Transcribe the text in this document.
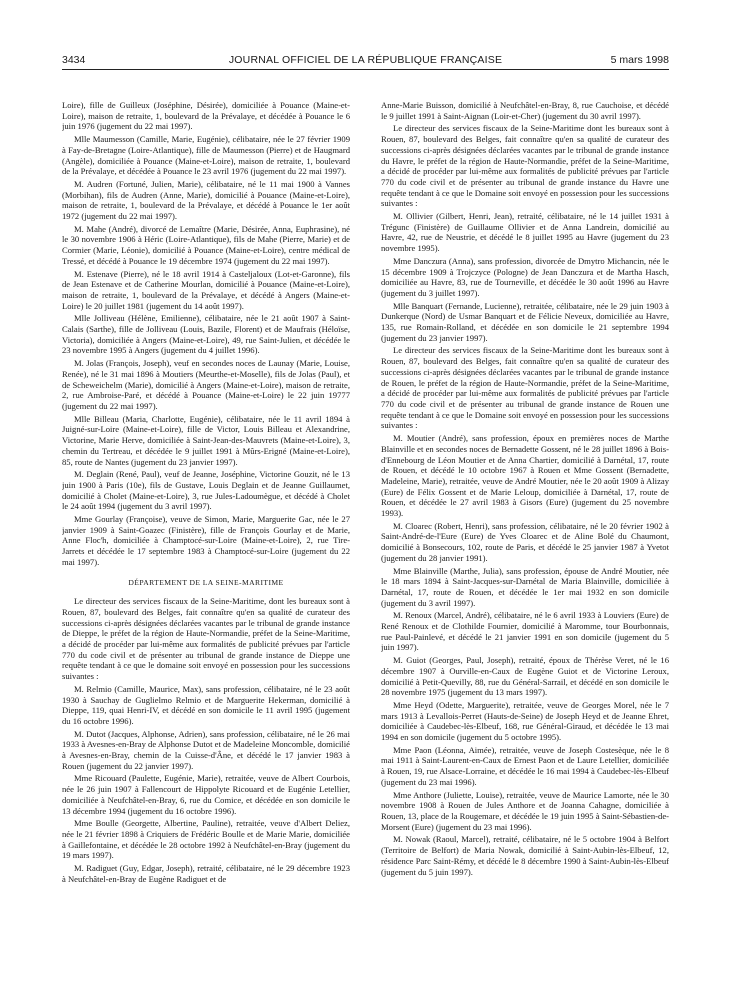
3434	JOURNAL OFFICIEL DE LA RÉPUBLIQUE FRANÇAISE	5 mars 1998

Loire), fille de Guilleux (Joséphine, Désirée), domiciliée à Pouance (Maine-et-Loire), maison de retraite, 1, boulevard de la Prévalaye, et décédée à Pouance le 6 juin 1976 (jugement du 22 mai 1997).

Mlle Maumesson (Camille, Marie, Eugénie), célibataire, née le 27 février 1909 à Fay-de-Bretagne (Loire-Atlantique), fille de Maumesson (Pierre) et de Haugmard (Angèle), domiciliée à Pouance (Maine-et-Loire), maison de retraite, 1, boulevard de la Prévalaye, et décédée à Pouance le 23 avril 1976 (jugement du 22 mai 1997).

M. Audren (Fortuné, Julien, Marie), célibataire, né le 11 mai 1900 à Vannes (Morbihan), fils de Audren (Anne, Marie), domicilié à Pouance (Maine-et-Loire), maison de retraite, 1, boulevard de la Prévalaye, et décédé à Pouance le 1er août 1972 (jugement du 22 mai 1997).

M. Mahe (André), divorcé de Lemaître (Marie, Désirée, Anna, Euphrasine), né le 30 novembre 1906 à Héric (Loire-Atlantique), fils de Mahe (Pierre, Marie) et de Cormier (Marie, Léonie), domicilié à Pouance (Maine-et-Loire), centre médical de Tressé, et décédé à Pouance le 19 décembre 1974 (jugement du 22 mai 1997).

M. Estenave (Pierre), né le 18 avril 1914 à Casteljaloux (Lot-et-Garonne), fils de Jean Estenave et de Catherine Mourlan, domicilié à Pouance (Maine-et-Loire), maison de retraite, 1, boulevard de la Prévalaye, et décédé à Angers (Maine-et-Loire) le 20 juillet 1981 (jugement du 14 août 1997).

Mlle Jolliveau (Hélène, Emilienne), célibataire, née le 21 août 1907 à Saint-Calais (Sarthe), fille de Jolliveau (Louis, Bazile, Florent) et de Maufrais (Héloïse, Victoria), domiciliée à Angers (Maine-et-Loire), 49, rue Saint-Julien, et décédée le 23 novembre 1995 à Angers (jugement du 4 juillet 1996).

M. Jolas (François, Joseph), veuf en secondes noces de Launay (Marie, Louise, Renée), né le 31 mai 1896 à Moutiers (Meurthe-et-Moselle), fils de Jolas (Paul), et de Scheweichelm (Marie), domicilié à Angers (Maine-et-Loire), maison de retraite, 2, rue Ambroise-Paré, et décédé à Pouance (Maine-et-Loire) le 22 juin 19777 (jugement du 22 mai 1997).

Mlle Billeau (Maria, Charlotte, Eugénie), célibataire, née le 11 avril 1894 à Juigné-sur-Loire (Maine-et-Loire), fille de Victor, Louis Billeau et Alexandrine, Victorine, Marie Herve, domiciliée à Saint-Jean-des-Mauvrets (Maine-et-Loire), 3, chemin du Tertreau, et décédée le 9 juillet 1991 à Mûrs-Erigné (Maine-et-Loire), 85, route de Nantes (jugement du 23 janvier 1997).

M. Deglain (René, Paul), veuf de Jeanne, Joséphine, Victorine Gouzit, né le 13 juin 1900 à Paris (10e), fils de Gustave, Louis Deglain et de Jeanne Guillaumet, domicilié à Cholet (Maine-et-Loire), 3, rue Jules-Ladoumègue, et décédé à Cholet le 24 août 1994 (jugement du 3 avril 1997).

Mme Gourlay (Françoise), veuve de Simon, Marie, Marguerite Gac, née le 27 janvier 1909 à Saint-Goazec (Finistère), fille de François Gourlay et de Marie, Anne Floc'h, domiciliée à Champtocé-sur-Loire (Maine-et-Loire), 2, rue Tire-Jarrets et décédée le 17 septembre 1983 à Champtocé-sur-Loire (jugement du 22 mai 1997).

DÉPARTEMENT DE LA SEINE-MARITIME

Le directeur des services fiscaux de la Seine-Maritime, dont les bureaux sont à Rouen, 87, boulevard des Belges, fait connaître qu'en sa qualité de curateur des successions ci-après désignées déclarées vacantes par le tribunal de grande instance de Dieppe, le préfet de la région de Haute-Normandie, préfet de la Seine-Maritime, a décidé de procéder par lui-même aux formalités de publicité prévues par l'article 770 du code civil et de présenter au tribunal de grande instance de Dieppe une requête tendant à ce que le domaine soit envoyé en possession pour les successions suivantes :

M. Relmio (Camille, Maurice, Max), sans profession, célibataire, né le 23 août 1930 à Sauchay de Guglielmo Relmio et de Marguerite Hekerman, domicilié à Dieppe, 119, quai Henri-IV, et décédé en son domicile le 11 avril 1995 (jugement du 16 octobre 1996).

M. Dutot (Jacques, Alphonse, Adrien), sans profession, célibataire, né le 26 mai 1933 à Avesnes-en-Bray de Alphonse Dutot et de Madeleine Moncomble, domicilié à Avesnes-en-Bray, chemin de la Cuisse-d'Âne, et décédé le 17 janvier 1983 à Rouen (jugement du 22 janvier 1997).

Mme Ricouard (Paulette, Eugénie, Marie), retraitée, veuve de Albert Courbois, née le 26 juin 1907 à Fallencourt de Hippolyte Ricouard et de Eugénie Letellier, domiciliée à Neufchâtel-en-Bray, 6, rue du Comice, et décédée en son domicile le 13 décembre 1994 (jugement du 16 octobre 1996).

Mme Boulle (Georgette, Albertine, Pauline), retraitée, veuve d'Albert Deliez, née le 21 février 1898 à Criquiers de Frédéric Boulle et de Marie Marie, domiciliée à Gaillefontaine, et décédée le 28 octobre 1992 à Neufchâtel-en-Bray (jugement du 19 mars 1997).

M. Radiguet (Guy, Edgar, Joseph), retraité, célibataire, né le 29 décembre 1923 à Neufchâtel-en-Bray de Eugène Radiguet et de

Anne-Marie Buisson, domicilié à Neufchâtel-en-Bray, 8, rue Cauchoise, et décédé le 9 juillet 1991 à Saint-Aignan (Loir-et-Cher) (jugement du 30 avril 1997).

Le directeur des services fiscaux de la Seine-Maritime dont les bureaux sont à Rouen, 87, boulevard des Belges, fait connaître qu'en sa qualité de curateur des successions ci-après désignées déclarées vacantes par le tribunal de grande instance du Havre, le préfet de la région de Haute-Normandie, préfet de la Seine-Maritime, a décidé de procéder par lui-même aux formalités de publicité prévues par l'article 770 du code civil et de présenter au tribunal de grande instance du Havre une requête tendant à ce que le Domaine soit envoyé en possession pour les successions suivantes :

M. Ollivier (Gilbert, Henri, Jean), retraité, célibataire, né le 14 juillet 1931 à Trégunc (Finistère) de Guillaume Ollivier et de Anna Landrein, domicilié au Havre, 42, rue de Neustrie, et décédé le 8 juillet 1995 au Havre (jugement du 23 novembre 1995).

Mme Danczura (Anna), sans profession, divorcée de Dmytro Michancin, née le 15 décembre 1909 à Trojczyce (Pologne) de Jean Danczura et de Martha Hasch, domiciliée au Havre, 83, rue de Tourneville, et décédée le 30 août 1996 au Havre (jugement du 3 juillet 1997).

Mlle Banquart (Fernande, Lucienne), retraitée, célibataire, née le 29 juin 1903 à Dunkerque (Nord) de Usmar Banquart et de Félicie Neveux, domiciliée au Havre, 135, rue Romain-Rolland, et décédée en son domicile le 21 septembre 1994 (jugement du 23 janvier 1997).

Le directeur des services fiscaux de la Seine-Maritime dont les bureaux sont à Rouen, 87, boulevard des Belges, fait connaître qu'en sa qualité de curateur des successions ci-après désignées déclarées vacantes par le tribunal de grande instance de Rouen, le préfet de la région de Haute-Normandie, préfet de la Seine-Maritime, a décidé de procéder par lui-même aux formalités de publicité prévues par l'article 770 du code civil et de présenter au tribunal de grande instance de Rouen une requête tendant à ce que le Domaine soit envoyé en possession pour les successions suivantes :

M. Moutier (André), sans profession, époux en premières noces de Marthe Blainville et en secondes noces de Bernadette Gossent, né le 28 juillet 1896 à Bois-d'Ennebourg de Léon Moutier et de Anna Chartier, domicilié à Darnétal, 17, route de Rouen, et décédé le 10 octobre 1967 à Rouen et Mme Gossent (Bernadette, Madeleine, Marie), retraitée, veuve de André Moutier, née le 20 août 1909 à Alizay (Eure) de Félix Gossent et de Marie Leloup, domiciliée à Darnétal, 17, route de Rouen, et décédée le 27 avril 1983 à Gisors (Eure) (jugement du 25 novembre 1993).

M. Cloarec (Robert, Henri), sans profession, célibataire, né le 20 février 1902 à Saint-André-de-l'Eure (Eure) de Yves Cloarec et de Aline Bolé du Chaumont, domicilié à Bonsecours, 102, route de Paris, et décédé le 25 janvier 1987 à Yvetot (jugement du 28 janvier 1991).

Mme Blainville (Marthe, Julia), sans profession, épouse de André Moutier, née le 18 mars 1894 à Saint-Jacques-sur-Darnétal de Maria Blainville, domiciliée à Darnétal, 17, route de Rouen, et décédée le 1er mai 1932 en son domicile (jugement du 3 avril 1997).

M. Renoux (Marcel, André), célibataire, né le 6 avril 1933 à Louviers (Eure) de René Renoux et de Clothilde Fournier, domicilié à Maromme, tour Bourbonnais, rue Paul-Painlevé, et décédé le 21 janvier 1991 en son domicile (jugement du 5 juin 1997).

M. Guiot (Georges, Paul, Joseph), retraité, époux de Thérèse Veret, né le 16 décembre 1907 à Ourville-en-Caux de Eugène Guiot et de Victorine Leroux, domicilié à Petit-Quevilly, 88, rue du Général-Sarrail, et décédé en son domicile le 28 novembre 1975 (jugement du 13 mars 1997).

Mme Heyd (Odette, Marguerite), retraitée, veuve de Georges Morel, née le 7 mars 1913 à Levallois-Perret (Hauts-de-Seine) de Joseph Heyd et de Jeanne Ehret, domiciliée à Caudebec-lès-Elbeuf, 168, rue Général-Giraud, et décédée le 13 mai 1994 en son domicile (jugement du 5 octobre 1995).

Mme Paon (Léonna, Aimée), retraitée, veuve de Joseph Costesèque, née le 8 mai 1911 à Saint-Laurent-en-Caux de Ernest Paon et de Laure Letellier, domiciliée à Rouen, 19, rue Alsace-Lorraine, et décédée le 16 mai 1994 à Caudebec-lès-Elbeuf (jugement du 23 mai 1996).

Mme Anthore (Juliette, Louise), retraitée, veuve de Maurice Lamorte, née le 30 novembre 1908 à Rouen de Jules Anthore et de Joanna Cahagne, domiciliée à Rouen, 13, place de la Rougemare, et décédée le 19 juin 1995 à Saint-Sébastien-de-Morsent (Eure) (jugement du 23 mai 1996).

M. Nowak (Raoul, Marcel), retraité, célibataire, né le 5 octobre 1904 à Belfort (Territoire de Belfort) de Maria Nowak, domicilié à Saint-Aubin-lès-Elbeuf, 12, résidence Parc Saint-Rémy, et décédé le 8 décembre 1990 à Saint-Aubin-lès-Elbeuf (jugement du 5 juin 1997).
